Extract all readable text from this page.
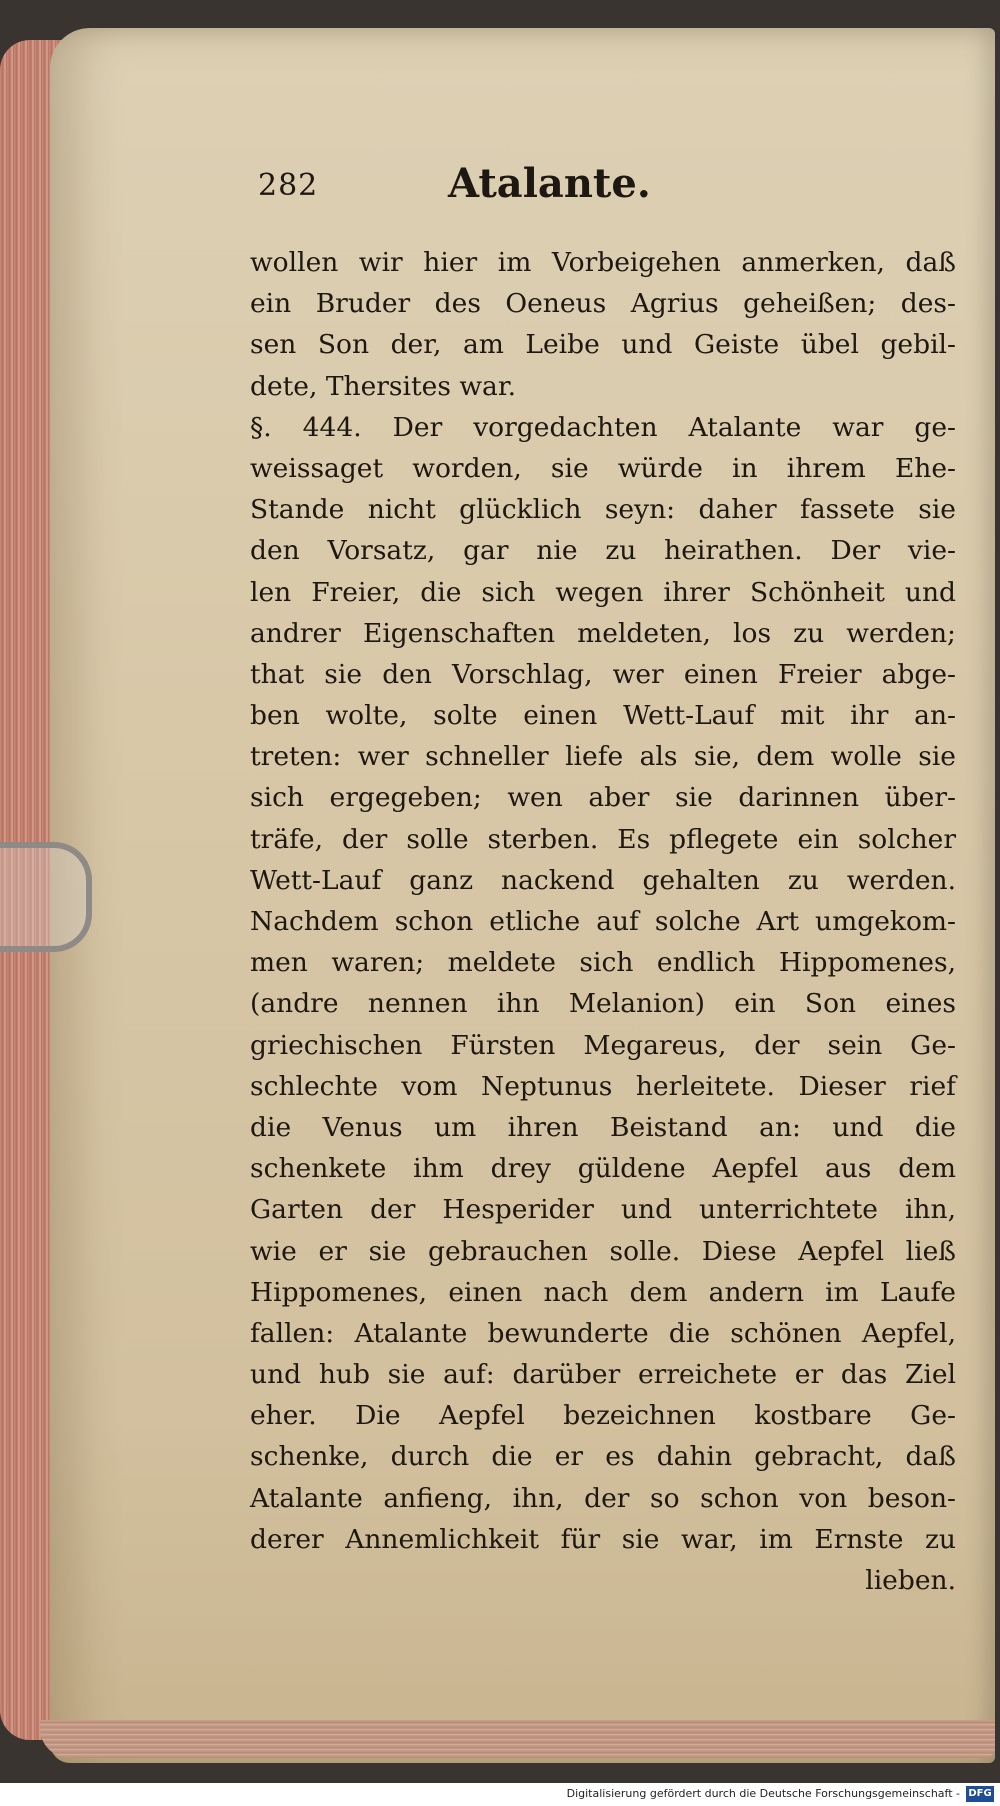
282	Atalante.
wollen wir hier im Vorbeigehen anmerken, daß
ein Bruder des Oeneus Agrius geheißen; des-
sen Son der, am Leibe und Geiste übel gebil-
dete, Thersites war.
§. 444. Der vorgedachten Atalante war ge-
weissaget worden, sie würde in ihrem Ehe-
Stande nicht glücklich seyn: daher fassete sie
den Vorsatz, gar nie zu heirathen. Der vie-
len Freier, die sich wegen ihrer Schönheit und
andrer Eigenschaften meldeten, los zu werden;
that sie den Vorschlag, wer einen Freier abge-
ben wolte, solte einen Wett-Lauf mit ihr an-
treten: wer schneller liefe als sie, dem wolle sie
sich ergegeben; wen aber sie darinnen über-
träfe, der solle sterben. Es pflegete ein solcher
Wett-Lauf ganz nackend gehalten zu werden.
Nachdem schon etliche auf solche Art umgekom-
men waren; meldete sich endlich Hippomenes,
(andre nennen ihn Melanion) ein Son eines
griechischen Fürsten Megareus, der sein Ge-
schlechte vom Neptunus herleitete. Dieser rief
die Venus um ihren Beistand an: und die
schenkete ihm drey güldene Aepfel aus dem
Garten der Hesperider und unterrichtete ihn,
wie er sie gebrauchen solle. Diese Aepfel ließ
Hippomenes, einen nach dem andern im Laufe
fallen: Atalante bewunderte die schönen Aepfel,
und hub sie auf: darüber erreichete er das Ziel
eher. Die Aepfel bezeichnen kostbare Ge-
schenke, durch die er es dahin gebracht, daß
Atalante anfieng, ihn, der so schon von beson-
derer Annemlichkeit für sie war, im Ernste zu
lieben.
Digitalisierung gefördert durch die Deutsche Forschungsgemeinschaft - DFG
